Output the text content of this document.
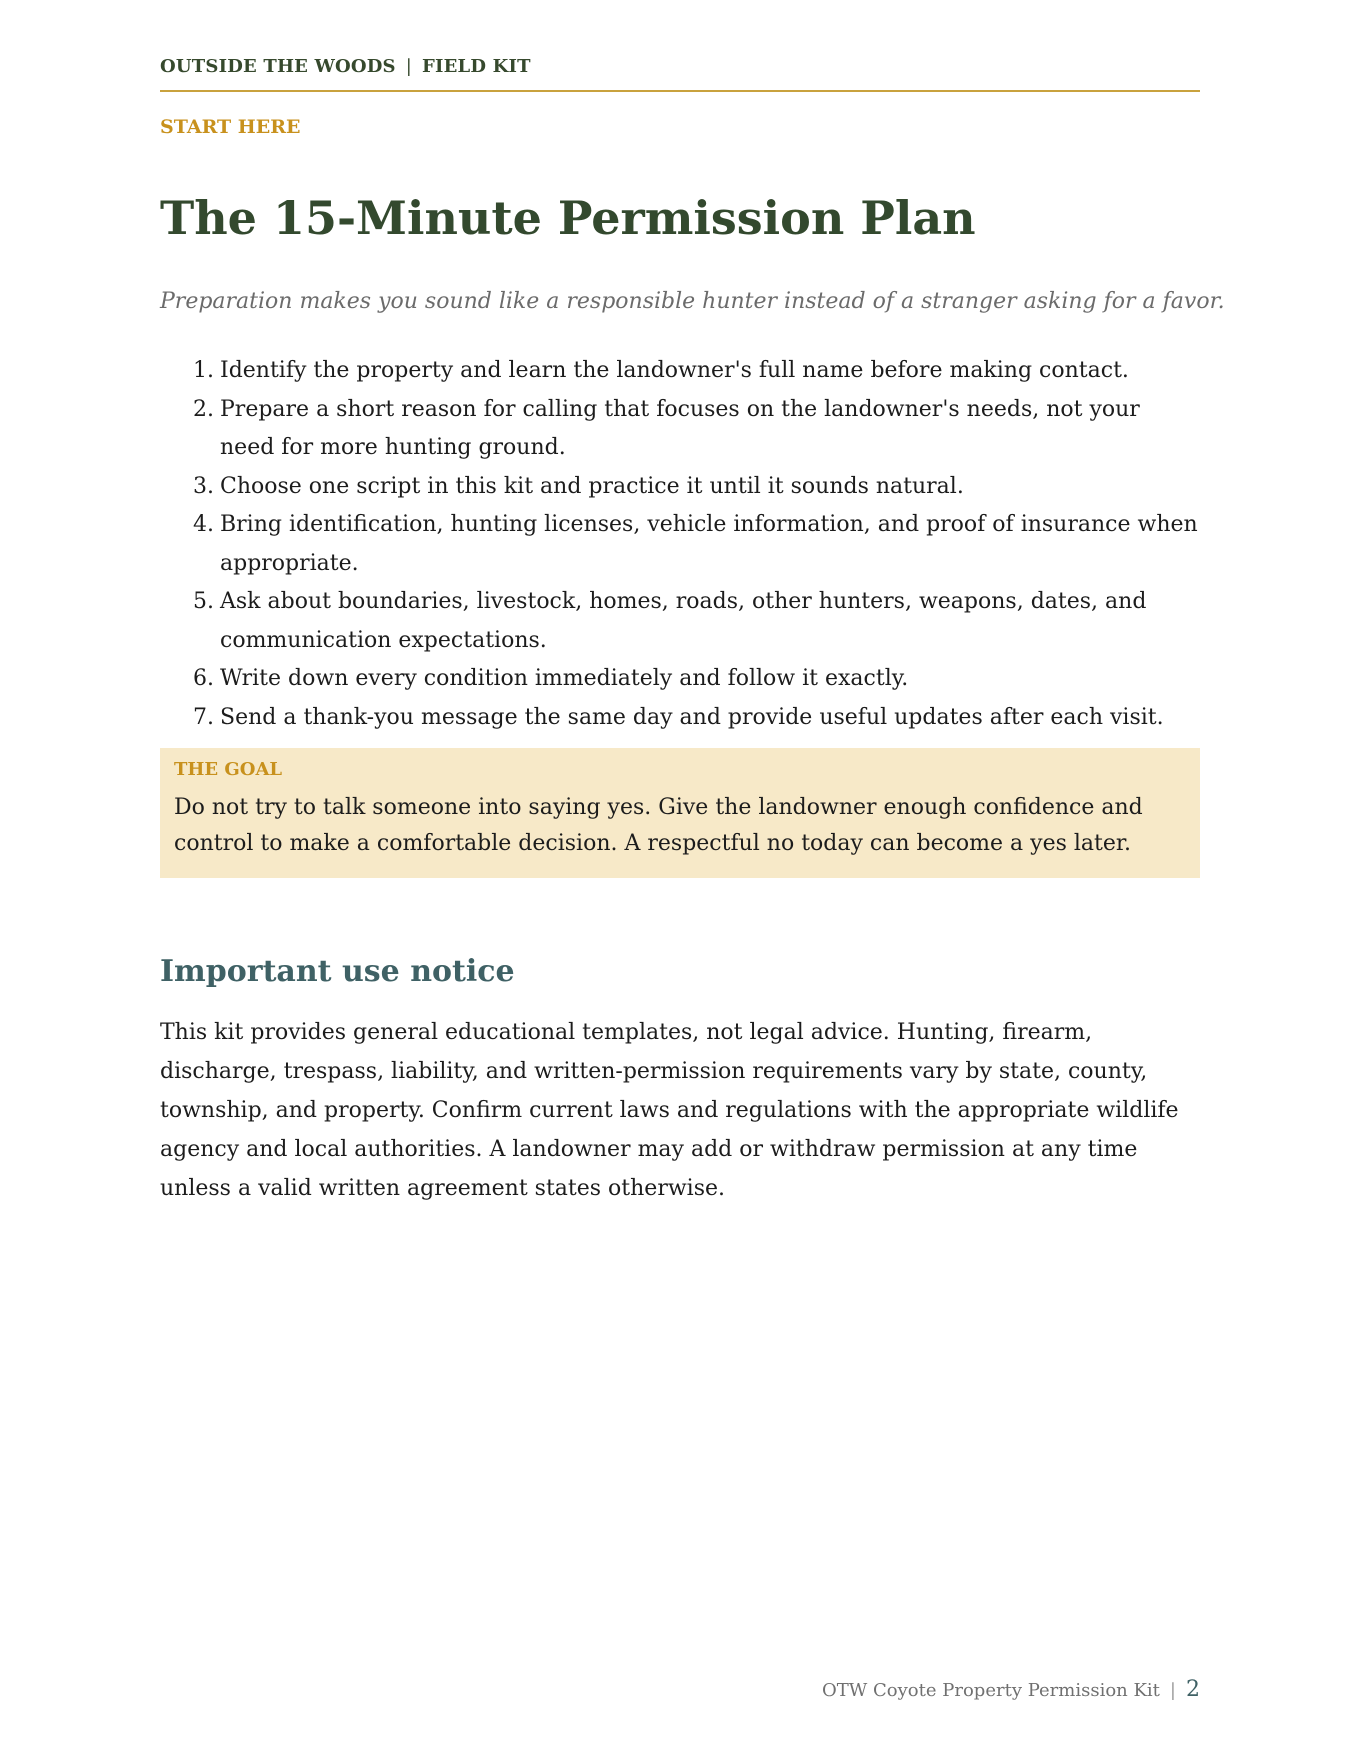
OUTSIDE THE WOODS | FIELD KIT
START HERE
The 15-Minute Permission Plan
Preparation makes you sound like a responsible hunter instead of a stranger asking for a favor.
1. Identify the property and learn the landowner's full name before making contact.
2. Prepare a short reason for calling that focuses on the landowner's needs, not your need for more hunting ground.
3. Choose one script in this kit and practice it until it sounds natural.
4. Bring identification, hunting licenses, vehicle information, and proof of insurance when appropriate.
5. Ask about boundaries, livestock, homes, roads, other hunters, weapons, dates, and communication expectations.
6. Write down every condition immediately and follow it exactly.
7. Send a thank-you message the same day and provide useful updates after each visit.
THE GOAL
Do not try to talk someone into saying yes. Give the landowner enough confidence and control to make a comfortable decision. A respectful no today can become a yes later.
Important use notice

This kit provides general educational templates, not legal advice. Hunting, firearm, discharge, trespass, liability, and written-permission requirements vary by state, county, township, and property. Confirm current laws and regulations with the appropriate wildlife agency and local authorities. A landowner may add or withdraw permission at any time unless a valid written agreement states otherwise.

OTW Coyote Property Permission Kit | 2
